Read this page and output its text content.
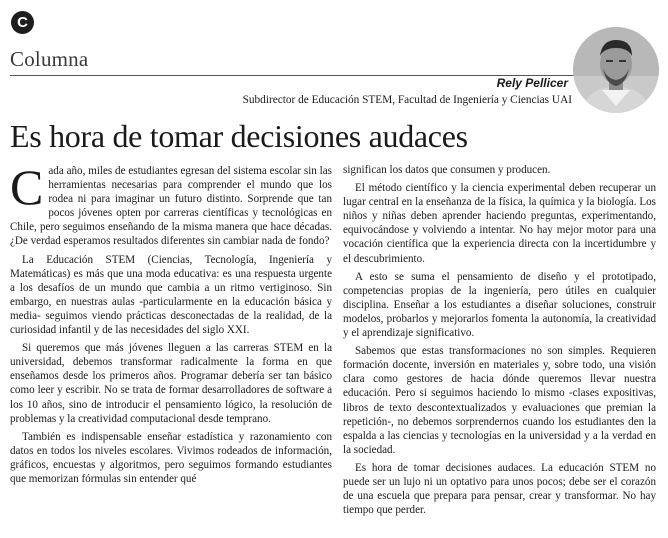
C
Columna
Rely Pellicer
Subdirector de Educación STEM, Facultad de Ingeniería y Ciencias UAI
Es hora de tomar decisiones audaces

Cada año, miles de estudiantes egresan del sistema escolar sin las herramientas necesarias para comprender el mundo que los rodea ni para imaginar un futuro distinto. Sorprende que tan pocos jóvenes opten por carreras científicas y tecnológicas en Chile, pero seguimos enseñando de la misma manera que hace décadas. ¿De verdad esperamos resultados diferentes sin cambiar nada de fondo?

La Educación STEM (Ciencias, Tecnología, Ingeniería y Matemáticas) es más que una moda educativa: es una respuesta urgente a los desafíos de un mundo que cambia a un ritmo vertiginoso. Sin embargo, en nuestras aulas -particularmente en la educación básica y media- seguimos viendo prácticas desconectadas de la realidad, de la curiosidad infantil y de las necesidades del siglo XXI.

Si queremos que más jóvenes lleguen a las carreras STEM en la universidad, debemos transformar radicalmente la forma en que enseñamos desde los primeros años. Programar debería ser tan básico como leer y escribir. No se trata de formar desarrolladores de software a los 10 años, sino de introducir el pensamiento lógico, la resolución de problemas y la creatividad computacional desde temprano.

También es indispensable enseñar estadística y razonamiento con datos en todos los niveles escolares. Vivimos rodeados de información, gráficos, encuestas y algoritmos, pero seguimos formando estudiantes que memorizan fórmulas sin entender qué

significan los datos que consumen y producen.

El método científico y la ciencia experimental deben recuperar un lugar central en la enseñanza de la física, la química y la biología. Los niños y niñas deben aprender haciendo preguntas, experimentando, equivocándose y volviendo a intentar. No hay mejor motor para una vocación científica que la experiencia directa con la incertidumbre y el descubrimiento.

A esto se suma el pensamiento de diseño y el prototipado, competencias propias de la ingeniería, pero útiles en cualquier disciplina. Enseñar a los estudiantes a diseñar soluciones, construir modelos, probarlos y mejorarlos fomenta la autonomía, la creatividad y el aprendizaje significativo.

Sabemos que estas transformaciones no son simples. Requieren formación docente, inversión en materiales y, sobre todo, una visión clara como gestores de hacia dónde queremos llevar nuestra educación. Pero si seguimos haciendo lo mismo -clases expositivas, libros de texto descontextualizados y evaluaciones que premian la repetición-, no debemos sorprendernos cuando los estudiantes den la espalda a las ciencias y tecnologías en la universidad y a la verdad en la sociedad.

Es hora de tomar decisiones audaces. La educación STEM no puede ser un lujo ni un optativo para unos pocos; debe ser el corazón de una escuela que prepara para pensar, crear y transformar. No hay tiempo que perder.
